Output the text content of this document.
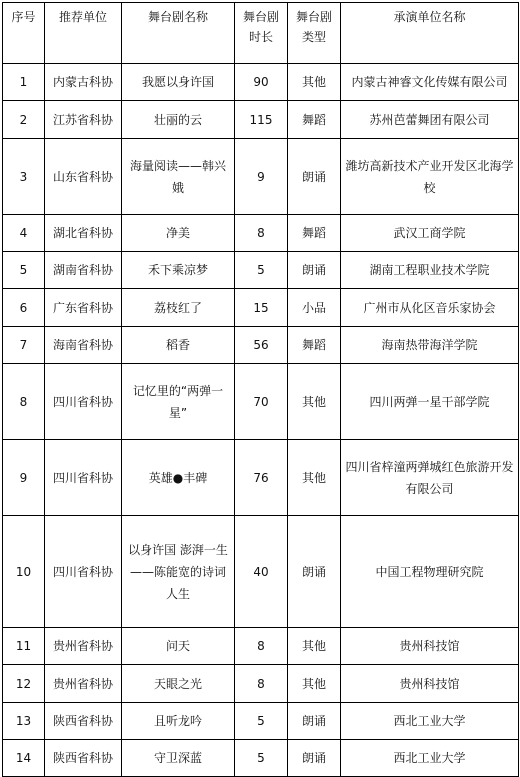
序号	推荐单位	舞台剧名称	舞台剧时长	舞台剧类型	承演单位名称
1	内蒙古科协	我愿以身许国	90	其他	内蒙古神睿文化传媒有限公司
2	江苏省科协	壮丽的云	115	舞蹈	苏州芭蕾舞团有限公司
3	山东省科协	海量阅读——韩兴娥	9	朗诵	潍坊高新技术产业开发区北海学校
4	湖北省科协	净美	8	舞蹈	武汉工商学院
5	湖南省科协	禾下乘凉梦	5	朗诵	湖南工程职业技术学院
6	广东省科协	荔枝红了	15	小品	广州市从化区音乐家协会
7	海南省科协	稻香	56	舞蹈	海南热带海洋学院
8	四川省科协	记忆里的“两弹一星”	70	其他	四川两弹一星干部学院
9	四川省科协	英雄●丰碑	76	其他	四川省梓潼两弹城红色旅游开发有限公司
10	四川省科协	以身许国 澎湃一生——陈能宽的诗词人生	40	朗诵	中国工程物理研究院
11	贵州省科协	问天	8	其他	贵州科技馆
12	贵州省科协	天眼之光	8	其他	贵州科技馆
13	陕西省科协	且听龙吟	5	朗诵	西北工业大学
14	陕西省科协	守卫深蓝	5	朗诵	西北工业大学
